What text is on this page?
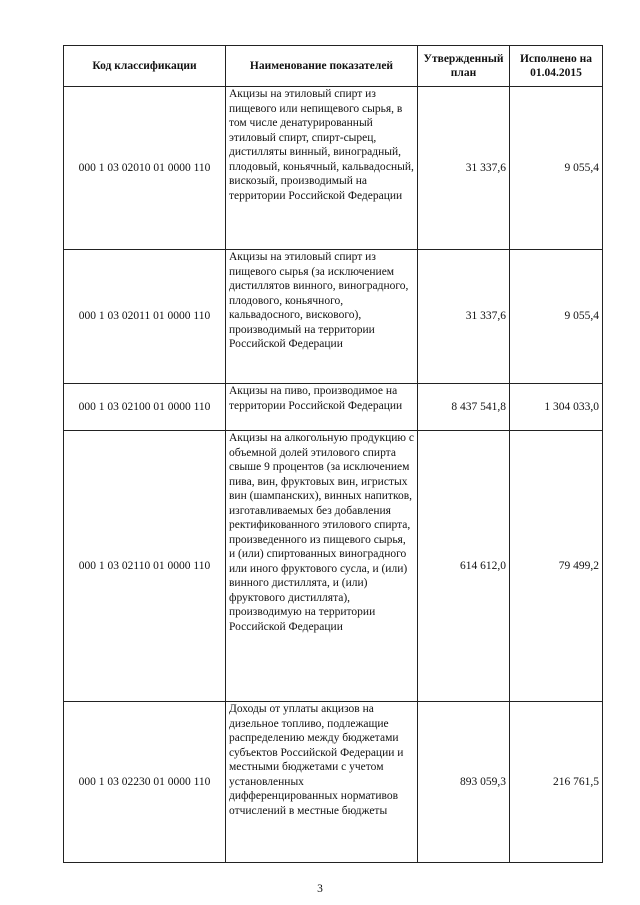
Код классификации	Наименование показателей	Утвержденный план	Исполнено на 01.04.2015
000 1 03 02010 01 0000 110	Акцизы на этиловый спирт из пищевого или непищевого сырья, в том числе денатурированный этиловый спирт, спирт-сырец, дистилляты винный, виноградный, плодовый, коньячный, кальвадосный, вискозый, производимый на территории Российской Федерации	31 337,6	9 055,4
000 1 03 02011 01 0000 110	Акцизы на этиловый спирт из пищевого сырья (за исключением дистиллятов винного, виноградного, плодового, коньячного, кальвадосного, вискового), производимый на территории Российской Федерации	31 337,6	9 055,4
000 1 03 02100 01 0000 110	Акцизы на пиво, производимое на территории Российской Федерации	8 437 541,8	1 304 033,0
000 1 03 02110 01 0000 110	Акцизы на алкогольную продукцию с объемной долей этилового спирта свыше 9 процентов (за исключением пива, вин, фруктовых вин, игристых вин (шампанских), винных напитков, изготавливаемых без добавления ректификованного этилового спирта, произведенного из пищевого сырья, и (или) спиртованных виноградного или иного фруктового сусла, и (или) винного дистиллята, и (или) фруктового дистиллята), производимую на территории Российской Федерации	614 612,0	79 499,2
000 1 03 02230 01 0000 110	Доходы от уплаты акцизов на дизельное топливо, подлежащие распределению между бюджетами субъектов Российской Федерации и местными бюджетами с учетом установленных дифференцированных нормативов отчислений в местные бюджеты	893 059,3	216 761,5
3
